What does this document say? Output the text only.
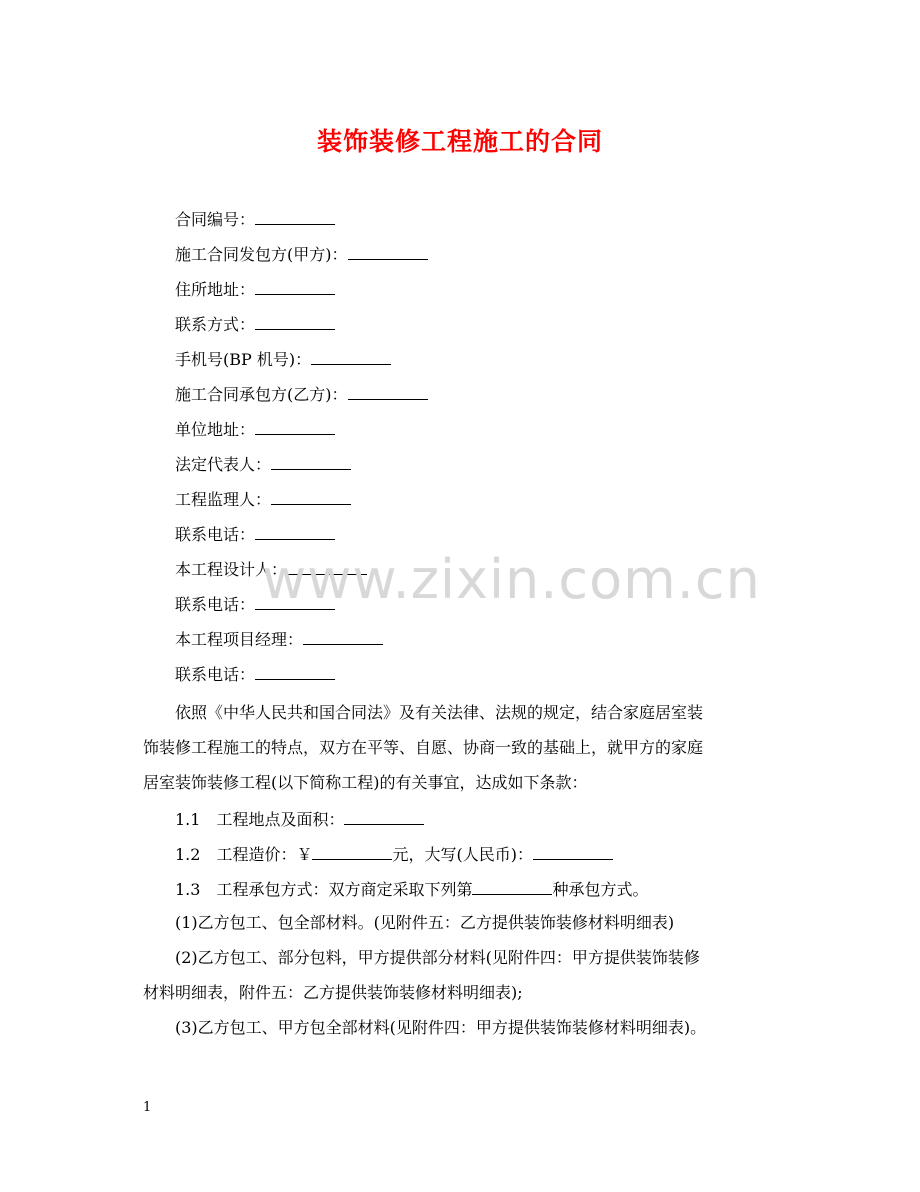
装饰装修工程施工的合同
合同编号：
施工合同发包方(甲方)：
住所地址：
联系方式：
手机号(BP 机号)：
施工合同承包方(乙方)：
单位地址：
法定代表人：
工程监理人：
联系电话：
本工程设计人：
联系电话：
本工程项目经理：
联系电话：
依照《中华人民共和国合同法》及有关法律、法规的规定，结合家庭居室装
饰装修工程施工的特点，双方在平等、自愿、协商一致的基础上，就甲方的家庭
居室装饰装修工程(以下简称工程)的有关事宜，达成如下条款：
1.1　工程地点及面积：
1.2　工程造价：￥	元，大写(人民币)：
1.3　工程承包方式：双方商定采取下列第	种承包方式。
(1)乙方包工、包全部材料。(见附件五：乙方提供装饰装修材料明细表)
(2)乙方包工、部分包料，甲方提供部分材料(见附件四：甲方提供装饰装修
材料明细表，附件五：乙方提供装饰装修材料明细表);
(3)乙方包工、甲方包全部材料(见附件四：甲方提供装饰装修材料明细表)。
www.zixin.com.cn
1
